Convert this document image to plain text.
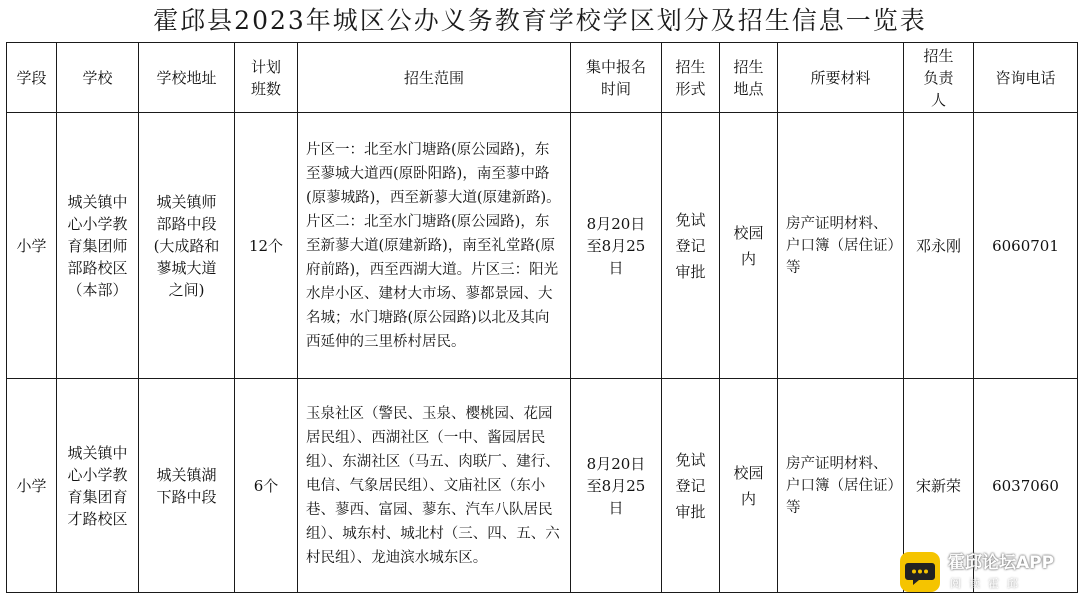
霍邱县2023年城区公办义务教育学校学区划分及招生信息一览表
学段	学校	学校地址	计划班数	招生范围	集中报名时间	招生形式	招生地点	所要材料	招生负责人	咨询电话

小学	城关镇中心小学教育集团师部路校区（本部）	城关镇师部路中段(大成路和蓼城大道之间)	12个	片区一：北至水门塘路(原公园路)，东至蓼城大道西(原卧阳路)，南至蓼中路(原蓼城路)，西至新蓼大道(原建新路)。片区二：北至水门塘路(原公园路)，东至新蓼大道(原建新路)，南至礼堂路(原府前路)，西至西湖大道。片区三：阳光水岸小区、建材大市场、蓼都景园、大名城；水门塘路(原公园路)以北及其向西延伸的三里桥村居民。	8月20日至8月25日	免试登记审批	校园内	房产证明材料、户口簿（居住证）等	邓永刚	6060701

小学	城关镇中心小学教育集团育才路校区	城关镇湖下路中段	6个	玉泉社区（警民、玉泉、樱桃园、花园居民组）、西湖社区（一中、酱园居民组）、东湖社区（马五、肉联厂、建行、电信、气象居民组）、文庙社区（东小巷、蓼西、富园、蓼东、汽车八队居民组）、城东村、城北村（三、四、五、六村民组）、龙迪滨水城东区。	8月20日至8月25日	免试登记审批	校园内	房产证明材料、户口簿（居住证）等	宋新荣	6037060
霍邱论坛APP
阅读霍邱
